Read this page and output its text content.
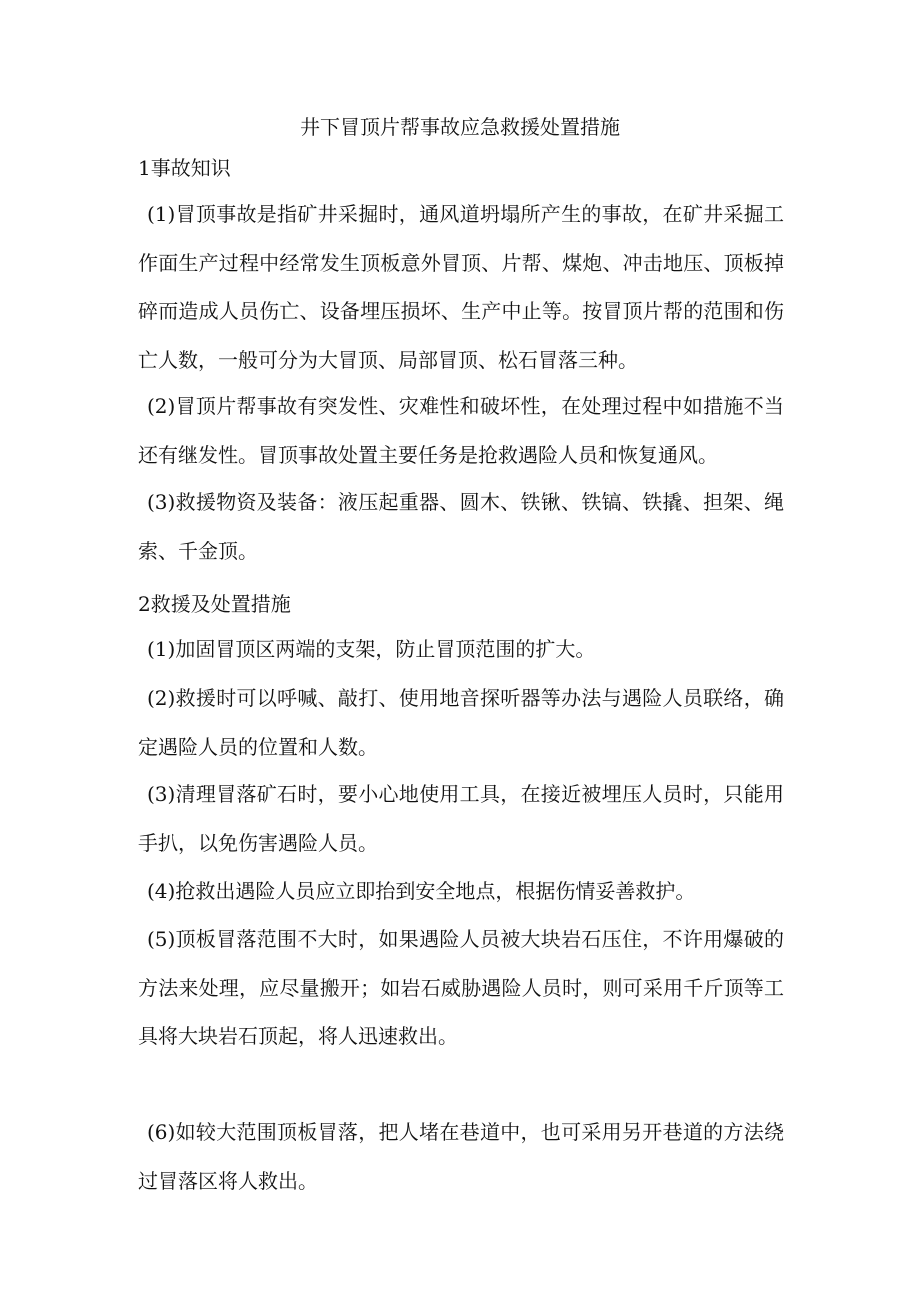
井下冒顶片帮事故应急救援处置措施
1事故知识

(1)冒顶事故是指矿井采掘时，通风道坍塌所产生的事故，在矿井采掘工作面生产过程中经常发生顶板意外冒顶、片帮、煤炮、冲击地压、顶板掉碎而造成人员伤亡、设备埋压损坏、生产中止等。按冒顶片帮的范围和伤亡人数，一般可分为大冒顶、局部冒顶、松石冒落三种。

(2)冒顶片帮事故有突发性、灾难性和破坏性，在处理过程中如措施不当还有继发性。冒顶事故处置主要任务是抢救遇险人员和恢复通风。

(3)救援物资及装备：液压起重器、圆木、铁锹、铁镐、铁撬、担架、绳索、千金顶。

2救援及处置措施

(1)加固冒顶区两端的支架，防止冒顶范围的扩大。

(2)救援时可以呼喊、敲打、使用地音探听器等办法与遇险人员联络，确定遇险人员的位置和人数。

(3)清理冒落矿石时，要小心地使用工具，在接近被埋压人员时，只能用手扒，以免伤害遇险人员。

(4)抢救出遇险人员应立即抬到安全地点，根据伤情妥善救护。

(5)顶板冒落范围不大时，如果遇险人员被大块岩石压住，不许用爆破的方法来处理，应尽量搬开；如岩石威胁遇险人员时，则可采用千斤顶等工具将大块岩石顶起，将人迅速救出。

(6)如较大范围顶板冒落，把人堵在巷道中，也可采用另开巷道的方法绕过冒落区将人救出。
